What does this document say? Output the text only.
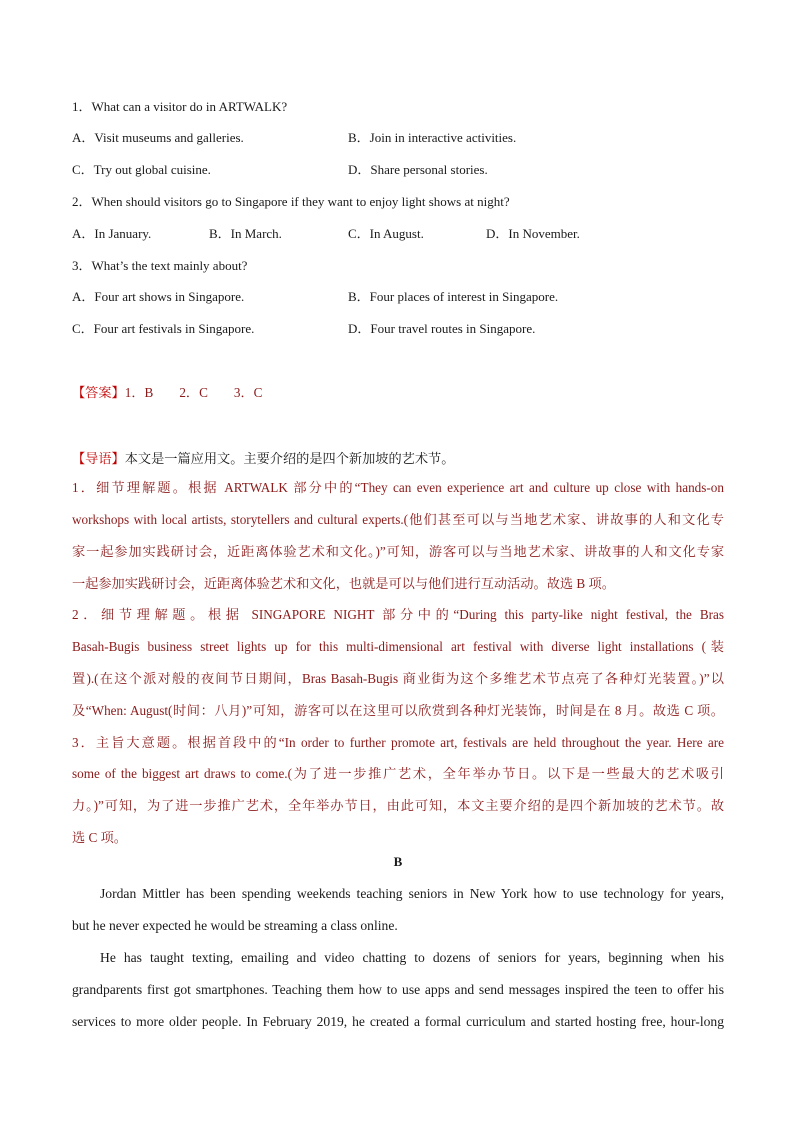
1．What can a visitor do in ARTWALK?
A．Visit museums and galleries.	B．Join in interactive activities.
C．Try out global cuisine.	D．Share personal stories.
2．When should visitors go to Singapore if they want to enjoy light shows at night?
A．In January.	B．In March.	C．In August.	D．In November.
3．What’s the text mainly about?
A．Four art shows in Singapore.	B．Four places of interest in Singapore.
C．Four art festivals in Singapore.	D．Four travel routes in Singapore.
【答案】1．B 2．C 3．C
【导语】本文是一篇应用文。主要介绍的是四个新加坡的艺术节。
1．细节理解题。根据 ARTWALK 部分中的“They can even experience art and culture up close with hands-on
workshops with local artists, storytellers and cultural experts.(他们甚至可以与当地艺术家、讲故事的人和文化专
家一起参加实践研讨会，近距离体验艺术和文化。)”可知，游客可以与当地艺术家、讲故事的人和文化专家
一起参加实践研讨会，近距离体验艺术和文化，也就是可以与他们进行互动活动。故选 B 项。
2．细节理解题。根据 SINGAPORE NIGHT 部分中的“During this party-like night festival, the Bras
Basah-Bugis business street lights up for this multi-dimensional art festival with diverse light installations (装
置).(在这个派对般的夜间节日期间，Bras Basah-Bugis 商业街为这个多维艺术节点亮了各种灯光装置。)”以
及“When: August(时间：八月)”可知，游客可以在这里可以欣赏到各种灯光装饰，时间是在 8 月。故选 C 项。
3．主旨大意题。根据首段中的“In order to further promote art, festivals are held throughout the year. Here are
some of the biggest art draws to come.(为了进一步推广艺术，全年举办节日。以下是一些最大的艺术吸引
力。)”可知，为了进一步推广艺术，全年举办节日，由此可知，本文主要介绍的是四个新加坡的艺术节。故
选 C 项。
B
Jordan Mittler has been spending weekends teaching seniors in New York how to use technology for years,
but he never expected he would be streaming a class online.
He has taught texting, emailing and video chatting to dozens of seniors for years, beginning when his
grandparents first got smartphones. Teaching them how to use apps and send messages inspired the teen to offer his
services to more older people. In February 2019, he created a formal curriculum and started hosting free, hour-long
